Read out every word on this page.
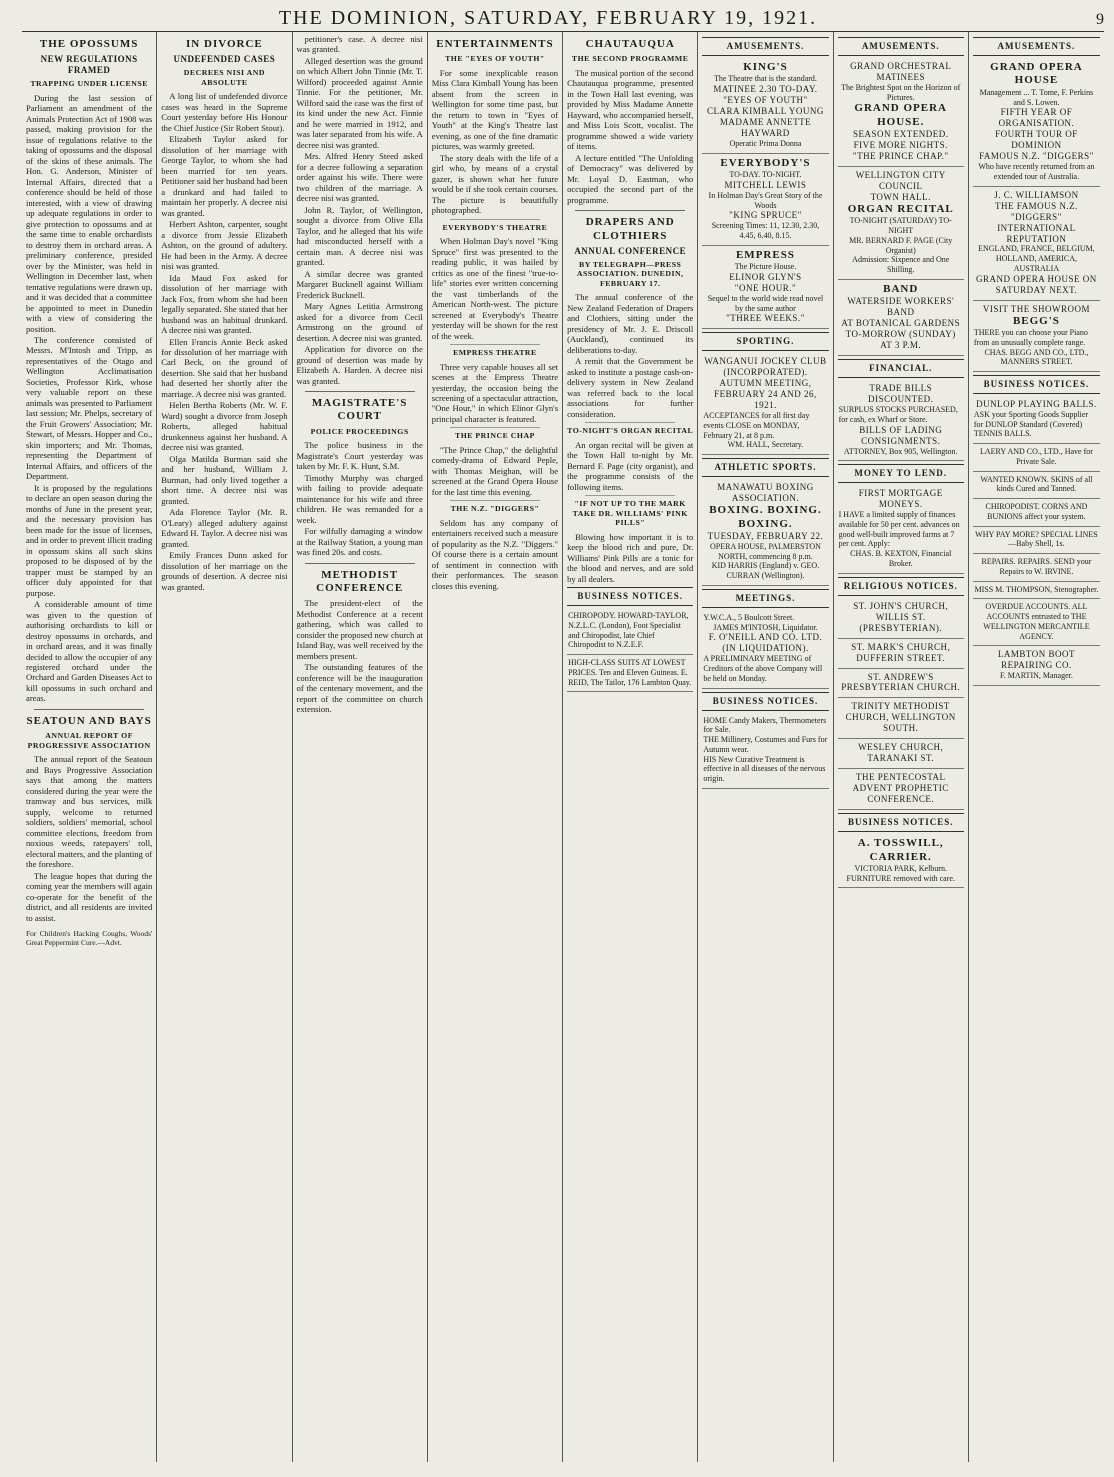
THE DOMINION, SATURDAY, FEBRUARY 19, 1921.	9
THE OPOSSUMS
NEW REGULATIONS FRAMED
TRAPPING UNDER LICENSE

During the last session of Parliament an amendment of the Animals Protection Act of 1908 was passed, making provision for the issue of regulations relative to the taking of opossums and the disposal of the skins of these animals. The Hon. G. Anderson, Minister of Internal Affairs, directed that a conference should be held of those interested, with a view of drawing up adequate regulations in order to give protection to opossums and at the same time to enable orchardists to destroy them in orchard areas. A preliminary conference, presided over by the Minister, was held in Wellington in December last, when tentative regulations were drawn up, and it was decided that a committee be appointed to meet in Dunedin with a view of considering the position.

The conference consisted of Messrs. M'Intosh and Tripp, as representatives of the Otago and Wellington Acclimatisation Societies, Professor Kirk, whose very valuable report on these animals was presented to Parliament last session; Mr. Phelps, secretary of the Fruit Growers' Association; Mr. Stewart, of Messrs. Hopper and Co., skin importers; and Mr. Thomas, representing the Department of Internal Affairs, and officers of the Department.

It is proposed by the regulations to declare an open season during the months of June in the present year, and the necessary provision has been made for the issue of licenses, and in order to prevent illicit trading in opossum skins all such skins proposed to be disposed of by the trapper must be stamped by an officer duly appointed for that purpose.

A considerable amount of time was given to the question of authorising orchardists to kill or destroy opossums in orchards, and in orchard areas, and it was finally decided to allow the occupier of any registered orchard under the Orchard and Garden Diseases Act to kill opossums in such orchard and areas.

SEATOUN AND BAYS
ANNUAL REPORT OF PROGRESSIVE ASSOCIATION

The annual report of the Seatoun and Bays Progressive Association says that among the matters considered during the year were the tramway and bus services, milk supply, welcome to returned soldiers, soldiers' memorial, school committee elections, freedom from noxious weeds, ratepayers' roll, electoral matters, and the planting of the foreshore.

The league hopes that during the coming year the members will again co-operate for the benefit of the district, and all residents are invited to assist.

For Children's Hacking Coughs, Woods' Great Peppermint Cure.—Advt.
IN DIVORCE
UNDEFENDED CASES
DECREES NISI AND ABSOLUTE

A long list of undefended divorce cases was heard in the Supreme Court yesterday before His Honour the Chief Justice (Sir Robert Stout).

Elizabeth Taylor asked for dissolution of her marriage with George Taylor, to whom she had been married for ten years. Petitioner said her husband had been a drunkard and had failed to maintain her properly. A decree nisi was granted.

Herbert Ashton, carpenter, sought a divorce from Jessie Elizabeth Ashton, on the ground of adultery. He had been in the Army. A decree nisi was granted.

Ida Maud Fox asked for dissolution of her marriage with Jack Fox, from whom she had been legally separated. She stated that her husband was an habitual drunkard. A decree nisi was granted.

Ellen Francis Annie Beck asked for dissolution of her marriage with Carl Beck, on the ground of desertion. She said that her husband had deserted her shortly after the marriage. A decree nisi was granted.

Helen Bertha Roberts (Mr. W. F. Ward) sought a divorce from Joseph Roberts, alleged habitual drunkenness against her husband. A decree nisi was granted.

Olga Matilda Burman said she and her husband, William J. Burman, had only lived together a short time. A decree nisi was granted.

Ada Florence Taylor (Mr. R. O'Leary) alleged adultery against Edward H. Taylor. A decree nisi was granted.

Emily Frances Dunn asked for dissolution of her marriage on the grounds of desertion. A decree nisi was granted.

petitioner's case. A decree nisi was granted.

Alleged desertion was the ground on which Albert John Tinnie (Mr. T. Wilford) proceeded against Annie Tinnie. For the petitioner, Mr. Wilford said the case was the first of its kind under the new Act. Finnie and he were married in 1912, and was later separated from his wife. A decree nisi was granted.

Mrs. Alfred Henry Steed asked for a decree following a separation order against his wife. There were two children of the marriage. A decree nisi was granted.

John R. Taylor, of Wellington, sought a divorce from Olive Ella Taylor, and he alleged that his wife had misconducted herself with a certain man. A decree nisi was granted.

A similar decree was granted Margaret Bucknell against William Frederick Bucknell.

Mary Agnes Letitia Armstrong asked for a divorce from Cecil Armstrong on the ground of desertion. A decree nisi was granted.

Application for divorce on the ground of desertion was made by Elizabeth A. Harden. A decree nisi was granted.

MAGISTRATE'S COURT
POLICE PROCEEDINGS

The police business in the Magistrate's Court yesterday was taken by Mr. F. K. Hunt, S.M.

Timothy Murphy was charged with failing to provide adequate maintenance for his wife and three children. He was remanded for a week.

For wilfully damaging a window at the Railway Station, a young man was fined 20s. and costs.

METHODIST CONFERENCE

The president-elect of the Methodist Conference at a recent gathering, which was called to consider the proposed new church at Island Bay, was well received by the members present.

The outstanding features of the conference will be the inauguration of the centenary movement, and the report of the committee on church extension.

ENTERTAINMENTS
THE "EYES OF YOUTH"

For some inexplicable reason Miss Clara Kimball Young has been absent from the screen in Wellington for some time past, but the return to town in "Eyes of Youth" at the King's Theatre last evening, as one of the fine dramatic pictures, was warmly greeted.

The story deals with the life of a girl who, by means of a crystal gazer, is shown what her future would be if she took certain courses. The picture is beautifully photographed.

EVERYBODY'S THEATRE

When Holman Day's novel "King Spruce" first was presented to the reading public, it was hailed by critics as one of the finest "true-to-life" stories ever written concerning the vast timberlands of the American North-west. The picture screened at Everybody's Theatre yesterday will be shown for the rest of the week.

EMPRESS THEATRE

Three very capable houses all set scenes at the Empress Theatre yesterday, the occasion being the screening of a spectacular attraction, "One Hour," in which Elinor Glyn's principal character is featured.

THE PRINCE CHAP

"The Prince Chap," the delightful comedy-drama of Edward Peple, with Thomas Meighan, will be screened at the Grand Opera House for the last time this evening.

THE N.Z. "DIGGERS"

Seldom has any company of entertainers received such a measure of popularity as the N.Z. "Diggers." Of course there is a certain amount of sentiment in connection with their performances. The season closes this evening.

CHAUTAUQUA
THE SECOND PROGRAMME

The musical portion of the second Chautauqua programme, presented in the Town Hall last evening, was provided by Miss Madame Annette Hayward, who accompanied herself, and Miss Lois Scott, vocalist. The programme showed a wide variety of items.

A lecture entitled "The Unfolding of Democracy" was delivered by Mr. Loyal D. Eastman, who occupied the second part of the programme.

DRAPERS AND CLOTHIERS
ANNUAL CONFERENCE
BY TELEGRAPH—PRESS ASSOCIATION. DUNEDIN, FEBRUARY 17.

The annual conference of the New Zealand Federation of Drapers and Clothiers, sitting under the presidency of Mr. J. E. Driscoll (Auckland), continued its deliberations to-day.

A remit that the Government be asked to institute a postage cash-on-delivery system in New Zealand was referred back to the local associations for further consideration.

TO-NIGHT'S ORGAN RECITAL

An organ recital will be given at the Town Hall to-night by Mr. Bernard F. Page (city organist), and the programme consists of the following items.

"IF NOT UP TO THE MARK TAKE DR. WILLIAMS' PINK PILLS"

Blowing how important it is to keep the blood rich and pure, Dr. Williams' Pink Pills are a tonic for the blood and nerves, and are sold by all dealers.

BUSINESS NOTICES.
CHIROPODY. HOWARD-TAYLOR, N.Z.L.C. (London), Foot Specialist and Chiropodist, late Chief Chiropodist to N.Z.E.F.
HIGH-CLASS SUITS AT LOWEST PRICES. Ten and Eleven Guineas. E. REID, The Tailor, 176 Lambton Quay.
AMUSEMENTS.
KING'S
The Theatre that is the standard.
MATINEE 2.30 TO-DAY.
"EYES OF YOUTH"
CLARA KIMBALL YOUNG
MADAME ANNETTE HAYWARD
Operatic Prima Donna
EVERYBODY'S
TO-DAY. TO-NIGHT.
MITCHELL LEWIS
In Holman Day's Great Story of the Woods
"KING SPRUCE"
Screening Times: 11, 12.30, 2.30, 4.45, 6.40, 8.15.
EMPRESS
The Picture House.
ELINOR GLYN'S
"ONE HOUR."
Sequel to the world wide read novel by the same author
"THREE WEEKS."
SPORTING.
WANGANUI JOCKEY CLUB (INCORPORATED).
AUTUMN MEETING, FEBRUARY 24 AND 26, 1921.
ACCEPTANCES for all first day events CLOSE on MONDAY, February 21, at 8 p.m.
WM. HALL, Secretary.
ATHLETIC SPORTS.
MANAWATU BOXING ASSOCIATION.
BOXING. BOXING. BOXING.
TUESDAY, FEBRUARY 22.
OPERA HOUSE, PALMERSTON NORTH, commencing 8 p.m.
KID HARRIS (England) v. GEO. CURRAN (Wellington).
MEETINGS.
Y.W.C.A., 5 Boulcott Street.
JAMES M'INTOSH, Liquidator.
F. O'NEILL AND CO. LTD. (IN LIQUIDATION).
A PRELIMINARY MEETING of Creditors of the above Company will be held on Monday.
BUSINESS NOTICES.
HOME Candy Makers, Thermometers for Sale.
THE Millinery, Costumes and Furs for Autumn wear.
HIS New Curative Treatment is effective in all diseases of the nervous origin.
AMUSEMENTS.
GRAND ORCHESTRAL MATINEES
The Brightest Spot on the Horizon of Pictures.
GRAND OPERA HOUSE.
SEASON EXTENDED.
FIVE MORE NIGHTS.
"THE PRINCE CHAP."
WELLINGTON CITY COUNCIL
TOWN HALL.
ORGAN RECITAL
TO-NIGHT (SATURDAY) TO-NIGHT
MR. BERNARD F. PAGE (City Organist)
Admission: Sixpence and One Shilling.
BAND
WATERSIDE WORKERS' BAND
AT BOTANICAL GARDENS
TO-MORROW (SUNDAY) AT 3 P.M.
FINANCIAL.
TRADE BILLS DISCOUNTED.
SURPLUS STOCKS PURCHASED, for cash, ex Wharf or Store.
BILLS OF LADING CONSIGNMENTS.
ATTORNEY, Box 905, Wellington.
MONEY TO LEND.
FIRST MORTGAGE MONEYS.
I HAVE a limited supply of finances available for 50 per cent. advances on good well-built improved farms at 7 per cent. Apply:
CHAS. B. KEXTON, Financial Broker.
RELIGIOUS NOTICES.
ST. JOHN'S CHURCH, WILLIS ST. (PRESBYTERIAN).
ST. MARK'S CHURCH, DUFFERIN STREET.
ST. ANDREW'S PRESBYTERIAN CHURCH.
TRINITY METHODIST CHURCH, WELLINGTON SOUTH.
WESLEY CHURCH, TARANAKI ST.
THE PENTECOSTAL ADVENT PROPHETIC CONFERENCE.
BUSINESS NOTICES.
A. TOSSWILL, CARRIER.
VICTORIA PARK, Kelburn.
FURNITURE removed with care.
AMUSEMENTS.
GRAND OPERA HOUSE
Management ... T. Tome, F. Perkins and S. Lowen.
FIFTH YEAR OF ORGANISATION.
FOURTH TOUR OF DOMINION
FAMOUS N.Z. "DIGGERS"
Who have recently returned from an extended tour of Australia.
J. C. WILLIAMSON
THE FAMOUS N.Z. "DIGGERS"
INTERNATIONAL REPUTATION
ENGLAND, FRANCE, BELGIUM, HOLLAND, AMERICA, AUSTRALIA
GRAND OPERA HOUSE ON SATURDAY NEXT.
VISIT THE SHOWROOM
BEGG'S
THERE you can choose your Piano from an unusually complete range.
CHAS. BEGG AND CO., LTD., MANNERS STREET.
BUSINESS NOTICES.
DUNLOP PLAYING BALLS.
ASK your Sporting Goods Supplier for DUNLOP Standard (Covered) TENNIS BALLS.
LAERY AND CO., LTD., Have for Private Sale.
WANTED KNOWN. SKINS of all kinds Cured and Tanned.
CHIROPODIST. CORNS AND BUNIONS affect your system.
WHY PAY MORE? SPECIAL LINES—Baby Shell, 1s.
REPAIRS. REPAIRS. SEND your Repairs to W. IRVINE.
MISS M. THOMPSON, Stenographer.
OVERDUE ACCOUNTS. ALL ACCOUNTS entrusted to THE WELLINGTON MERCANTILE AGENCY.
LAMBTON BOOT REPAIRING CO.
F. MARTIN, Manager.
